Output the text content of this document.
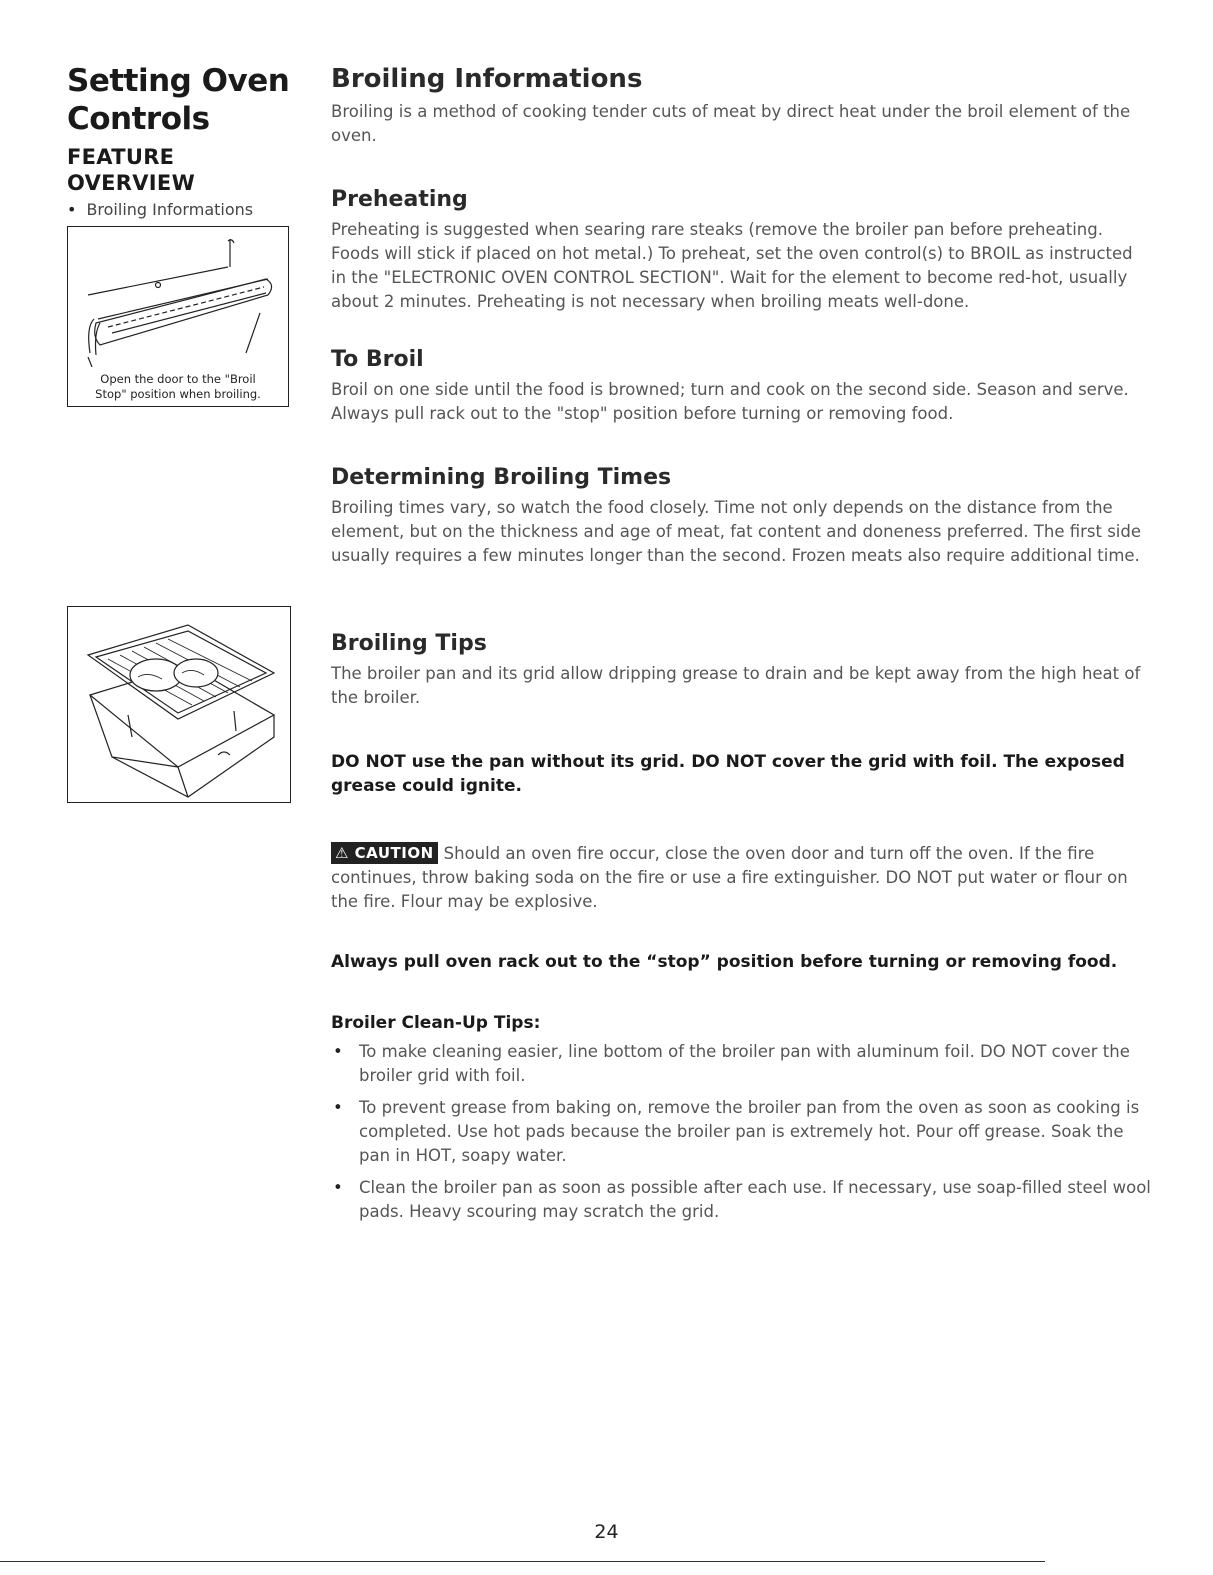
Setting Oven
Controls
FEATURE OVERVIEW
• Broiling Informations
Open the door to the "Broil
Stop" position when broiling.
Broiling Informations

Broiling is a method of cooking tender cuts of meat by direct heat under the broil element of the oven.

Preheating

Preheating is suggested when searing rare steaks (remove the broiler pan before preheating. Foods will stick if placed on hot metal.) To preheat, set the oven control(s) to BROIL as instructed in the "ELECTRONIC OVEN CONTROL SECTION". Wait for the element to become red-hot, usually about 2 minutes. Preheating is not necessary when broiling meats well-done.

To Broil

Broil on one side until the food is browned; turn and cook on the second side. Season and serve. Always pull rack out to the "stop" position before turning or removing food.

Determining Broiling Times

Broiling times vary, so watch the food closely. Time not only depends on the distance from the element, but on the thickness and age of meat, fat content and doneness preferred. The first side usually requires a few minutes longer than the second. Frozen meats also require additional time.

Broiling Tips

The broiler pan and its grid allow dripping grease to drain and be kept away from the high heat of the broiler.

DO NOT use the pan without its grid. DO NOT cover the grid with foil. The exposed grease could ignite.

⚠ CAUTION Should an oven fire occur, close the oven door and turn off the oven. If the fire continues, throw baking soda on the fire or use a fire extinguisher. DO NOT put water or flour on the fire. Flour may be explosive.

Always pull oven rack out to the “stop” position before turning or removing food.

Broiler Clean-Up Tips:
• To make cleaning easier, line bottom of the broiler pan with aluminum foil. DO NOT cover the broiler grid with foil.
• To prevent grease from baking on, remove the broiler pan from the oven as soon as cooking is completed. Use hot pads because the broiler pan is extremely hot. Pour off grease. Soak the pan in HOT, soapy water.
• Clean the broiler pan as soon as possible after each use. If necessary, use soap-filled steel wool pads. Heavy scouring may scratch the grid.
24
